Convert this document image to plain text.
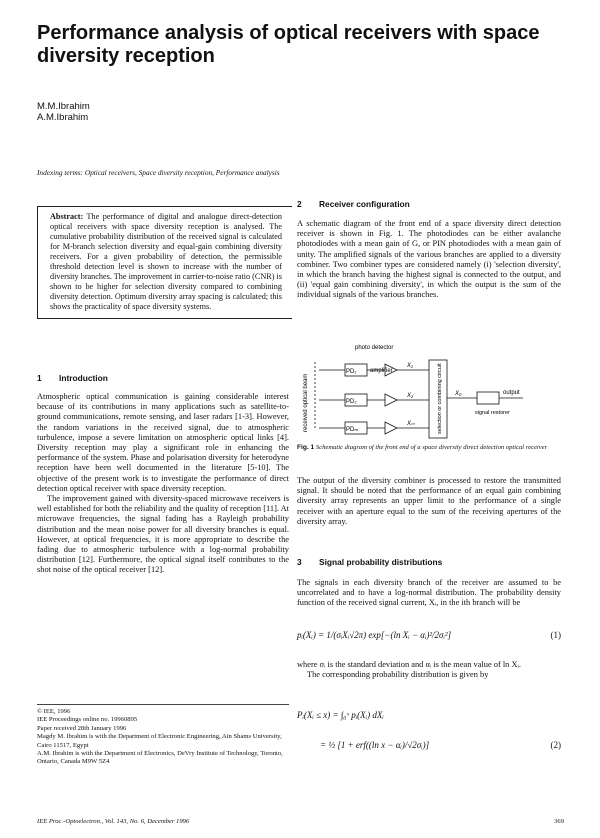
Performance analysis of optical receivers with space diversity reception
M.M.Ibrahim
A.M.Ibrahim
Indexing terms: Optical receivers, Space diversity reception, Performance analysis
Abstract: The performance of digital and analogue direct-detection optical receivers with space diversity reception is analysed. The cumulative probability distribution of the received signal is calculated for M-branch selection diversity and equal-gain combining diversity receivers. For a given probability of detection, the permissible threshold detection level is shown to increase with the number of diversity branches. The improvement in carrier-to-noise ratio (CNR) is shown to be higher for selection diversity compared to combining diversity detection. Optimum diversity array spacing is calculated; this shows the practicality of space diversity systems.
1 Introduction

Atmospheric optical communication is gaining considerable interest because of its contributions in many applications such as satellite-to-ground communications, remote sensing, and laser radars [1-3]. However, the random variations in the received signal, due to atmospheric turbulence, impose a severe limitation on atmospheric optical links [4]. Diversity reception may play a significant role in enhancing the performance of the system. Phase and polarisation diversity for heterodyne reception have been well documented in the literature [5-10]. The objective of the present work is to investigate the performance of direct detection optical receiver with space diversity reception.

The improvement gained with diversity-spaced microwave receivers is well established for both the reliability and the quality of reception [11]. At microwave frequencies, the signal fading has a Rayleigh probability distribution and the mean noise power for all diversity branches is equal. However, at optical frequencies, it is more appropriate to describe the fading due to atmospheric turbulence with a log-normal probability distribution [12]. Furthermore, the optical signal itself contributes to the shot noise of the optical receiver [12].

© IEE, 1996
IEE Proceedings online no. 19960895
Paper received 28th January 1996
Magdy M. Ibrahim is with the Department of Electronic Engineering, Ain Shams University, Cairo 11517, Egypt
A.M. Ibrahim is with the Department of Electronics, DeVry Institute of Technology, Toronto, Ontario, Canada M9W 5Z4
2 Receiver configuration

A schematic diagram of the front end of a space diversity direct detection receiver is shown in Fig. 1. The photodiodes can be either avalanche photodiodes with a mean gain of G, or PIN photodiodes with a mean gain of unity. The amplified signals of the various branches are applied to a diversity combiner. Two combiner types are considered namely (i) 'selection diversity', in which the branch having the highest signal is connected to the output, and (ii) 'equal gain combining diversity', in which the output is the sum of the individual signals of the various branches.

photo detector
amplifier
received optical beam
PD₁
PD₂
PDₘ
X₁
X₂
Xₘ	selection or combining circuit X₀	output
signal restorer
Fig. 1 Schematic diagram of the front end of a space diversity direct detection optical receiver

The output of the diversity combiner is processed to restore the transmitted signal. It should be noted that the performance of an equal gain combining diversity array represents an upper limit to the performance of a single receiver with an aperture equal to the sum of the receiving apertures of the diversity array.

3 Signal probability distributions

The signals in each diversity branch of the receiver are assumed to be uncorrelated and to have a log-normal distribution. The probability density function of the received signal current, Xᵢ, in the ith branch will be

pᵢ(Xᵢ) = 1/(σᵢXᵢ√2π) exp[−(ln Xᵢ − αᵢ)²/2σᵢ²]	(1)

where σᵢ is the standard deviation and αᵢ is the mean value of ln Xᵢ.

The corresponding probability distribution is given by

Pᵢ(Xᵢ ≤ x) = ∫₀ˣ pᵢ(Xᵢ) dXᵢ
= ½ [1 + erf((ln x − αᵢ)/√2σᵢ)]	(2)
IEE Proc.-Optoelectron., Vol. 143, No. 6, December 1996	369
